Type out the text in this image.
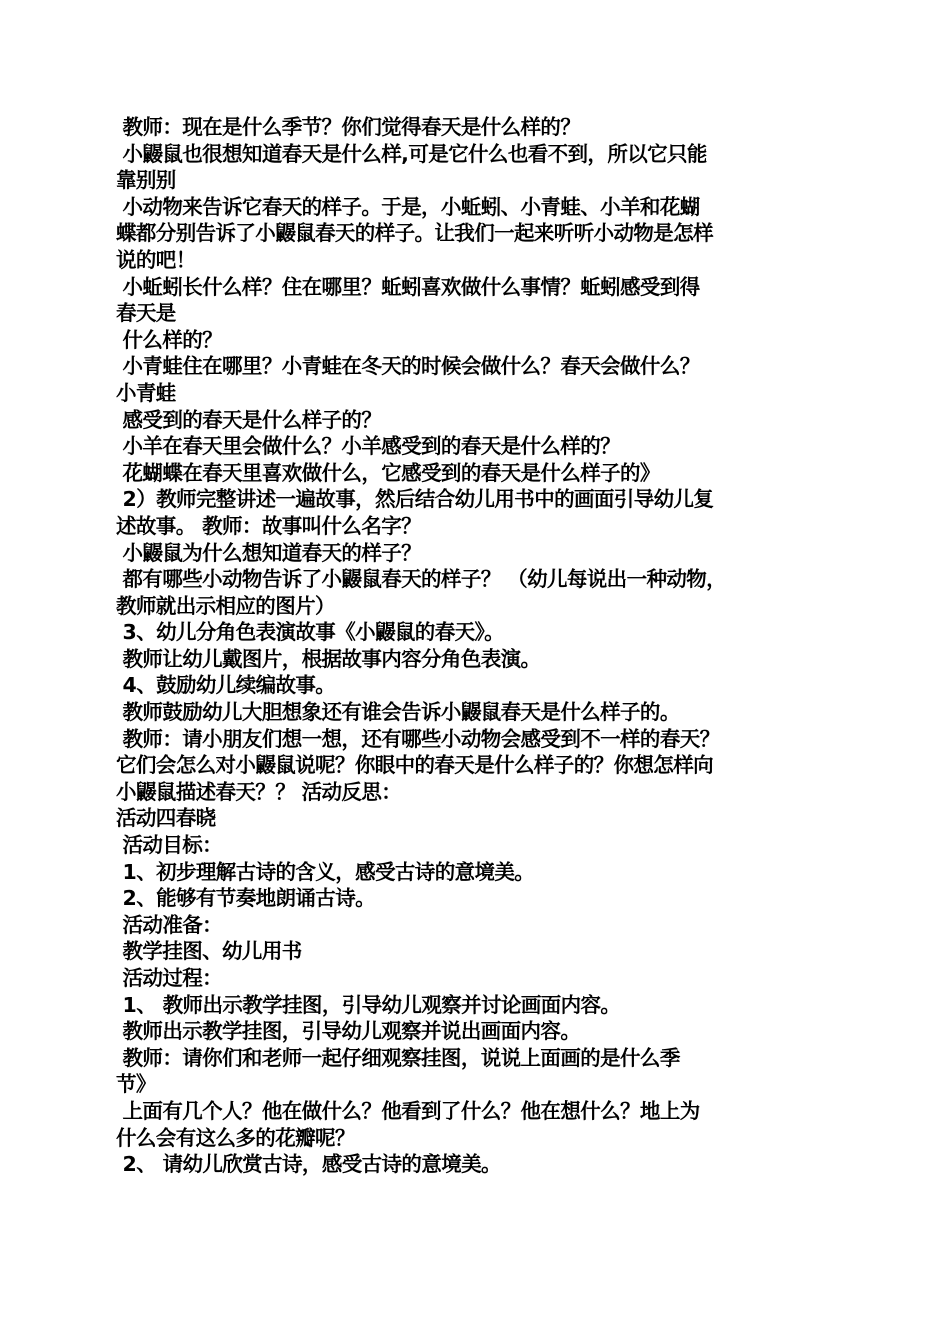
教师：现在是什么季节？你们觉得春天是什么样的？
小鼹鼠也很想知道春天是什么样,可是它什么也看不到，所以它只能
靠别别
小动物来告诉它春天的样子。于是，小蚯蚓、小青蛙、小羊和花蝴
蝶都分别告诉了小鼹鼠春天的样子。让我们一起来听听小动物是怎样
说的吧！
小蚯蚓长什么样？住在哪里？蚯蚓喜欢做什么事情？蚯蚓感受到得
春天是
什么样的？
小青蛙住在哪里？小青蛙在冬天的时候会做什么？春天会做什么？
小青蛙
感受到的春天是什么样子的？
小羊在春天里会做什么？小羊感受到的春天是什么样的？
花蝴蝶在春天里喜欢做什么，它感受到的春天是什么样子的》
2）教师完整讲述一遍故事，然后结合幼儿用书中的画面引导幼儿复
述故事。 教师：故事叫什么名字？
小鼹鼠为什么想知道春天的样子？
都有哪些小动物告诉了小鼹鼠春天的样子？ （幼儿每说出一种动物，
教师就出示相应的图片）
3、幼儿分角色表演故事《小鼹鼠的春天》。
教师让幼儿戴图片，根据故事内容分角色表演。
4、鼓励幼儿续编故事。
教师鼓励幼儿大胆想象还有谁会告诉小鼹鼠春天是什么样子的。
教师：请小朋友们想一想，还有哪些小动物会感受到不一样的春天？
它们会怎么对小鼹鼠说呢？你眼中的春天是什么样子的？你想怎样向
小鼹鼠描述春天？？ 活动反思：
活动四春晓
活动目标：
1、初步理解古诗的含义，感受古诗的意境美。
2、能够有节奏地朗诵古诗。
活动准备：
教学挂图、幼儿用书
活动过程：
1、 教师出示教学挂图，引导幼儿观察并讨论画面内容。
教师出示教学挂图，引导幼儿观察并说出画面内容。
教师：请你们和老师一起仔细观察挂图，说说上面画的是什么季
节》
上面有几个人？他在做什么？他看到了什么？他在想什么？地上为
什么会有这么多的花瓣呢？
2、 请幼儿欣赏古诗，感受古诗的意境美。
